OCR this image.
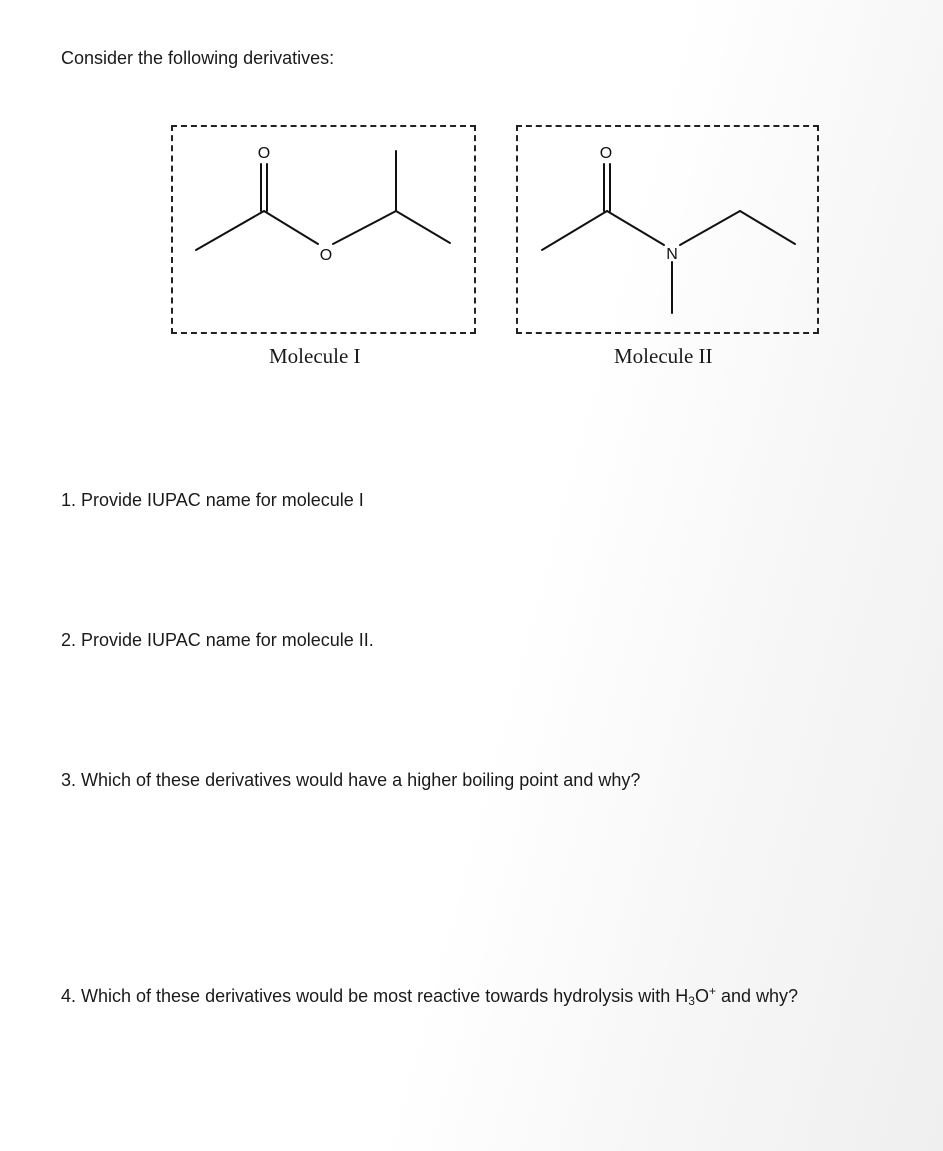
Consider the following derivatives:
O
O
Molecule I
O
N
Molecule II
1. Provide IUPAC name for molecule I
2. Provide IUPAC name for molecule II.
3. Which of these derivatives would have a higher boiling point and why?
4. Which of these derivatives would be most reactive towards hydrolysis with $H_3O^+$ and why?
